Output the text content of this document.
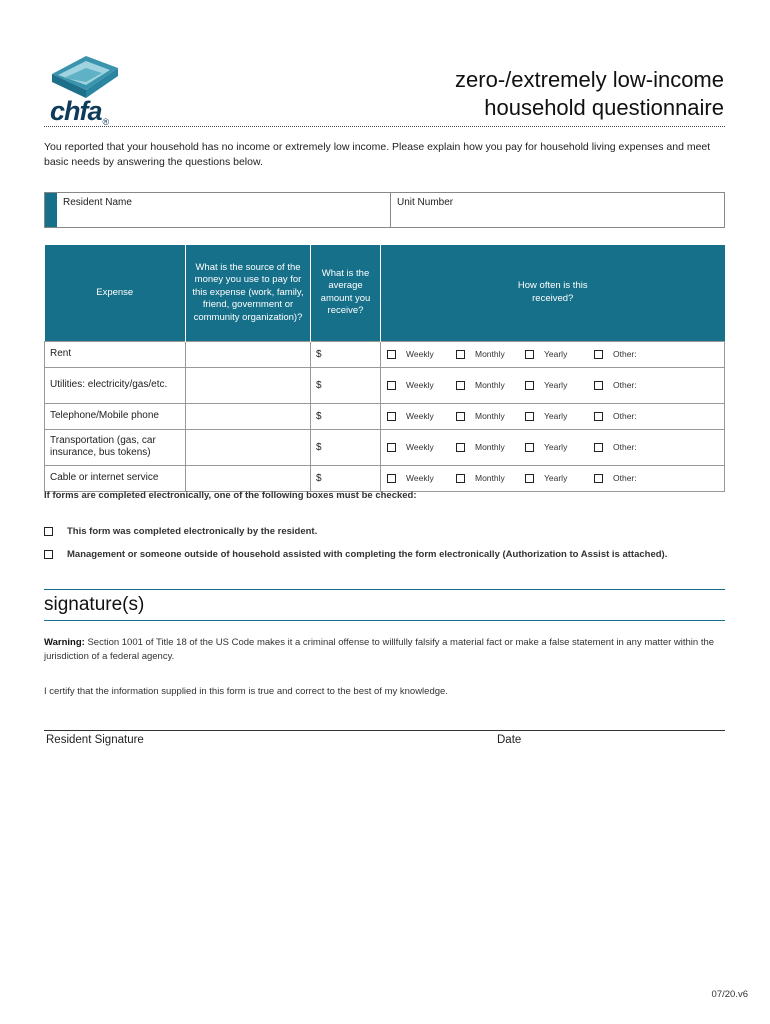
chfa®
zero-/extremely low-income
household questionnaire
You reported that your household has no income or extremely low income. Please explain how you pay for household living expenses and meet basic needs by answering the questions below.
Resident Name	Unit Number
Expense	What is the source of the money you use to pay for this expense (work, family, friend, government or community organization)?	What is the average amount you receive?	How often is this received?

Rent		$	Weekly Monthly Yearly Other:

Utilities: electricity/gas/etc.		$	Weekly Monthly Yearly Other:

Telephone/Mobile phone		$	Weekly Monthly Yearly Other:

Transportation (gas, car insurance, bus tokens)		$	Weekly Monthly Yearly Other:

Cable or internet service		$	Weekly Monthly Yearly Other:
If forms are completed electronically, one of the following boxes must be checked:
This form was completed electronically by the resident.
Management or someone outside of household assisted with completing the form electronically (Authorization to Assist is attached).
signature(s)
Warning: Section 1001 of Title 18 of the US Code makes it a criminal offense to willfully falsify a material fact or make a false statement in any matter within the jurisdiction of a federal agency.
I certify that the information supplied in this form is true and correct to the best of my knowledge.
Resident Signature	Date
07/20.v6
